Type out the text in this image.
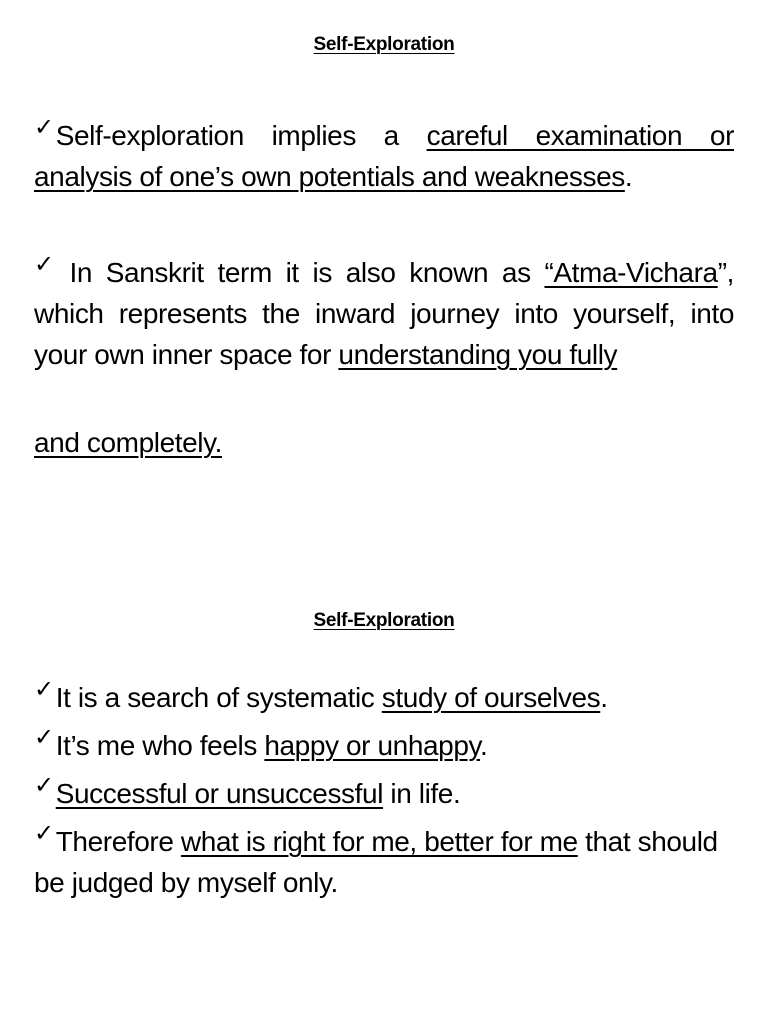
Self-Exploration
✓Self-exploration implies a careful examination or analysis of one’s own potentials and weaknesses.
✓ In Sanskrit term it is also known as “Atma-Vichara”, which represents the inward journey into yourself, into your own inner space for understanding you fully
and completely.
Self-Exploration
✓It is a search of systematic study of ourselves.
✓It’s me who feels happy or unhappy.
✓Successful or unsuccessful in life.
✓Therefore what is right for me, better for me that should be judged by myself only.
